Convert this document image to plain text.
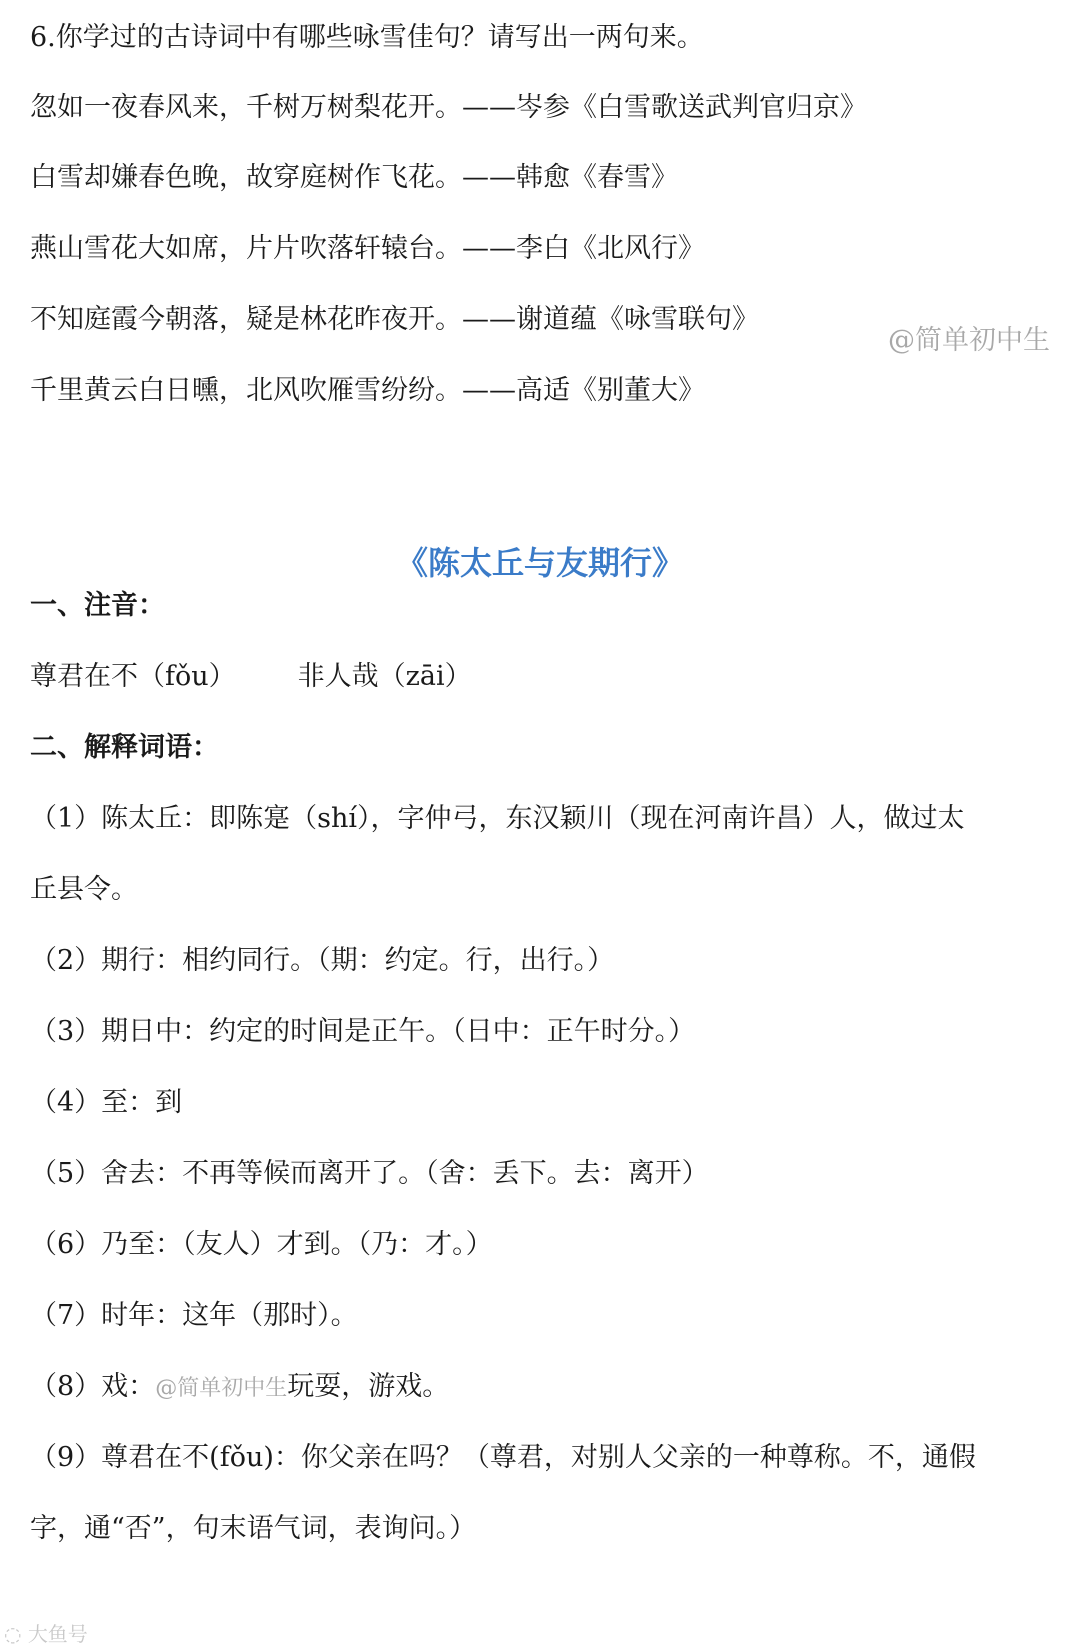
6.你学过的古诗词中有哪些咏雪佳句？请写出一两句来。
忽如一夜春风来，千树万树梨花开。——岑参《白雪歌送武判官归京》
白雪却嫌春色晚，故穿庭树作飞花。——韩愈《春雪》
燕山雪花大如席，片片吹落轩辕台。——李白《北风行》
不知庭霞今朝落，疑是林花昨夜开。——谢道蕴《咏雪联句》
@简单初中生
千里黄云白日曛，北风吹雁雪纷纷。——高适《别董大》
《陈太丘与友期行》
一、注音：
尊君在不（fǒu） 非人哉（zāi）
二、解释词语：
（1）陈太丘：即陈寔（shí），字仲弓，东汉颖川（现在河南许昌）人，做过太
丘县令。
（2）期行：相约同行。（期：约定。行，出行。）
（3）期日中：约定的时间是正午。（日中：正午时分。）
（4）至：到
（5）舍去：不再等候而离开了。（舍：丢下。去：离开）
（6）乃至：（友人）才到。（乃：才。）
（7）时年：这年（那时）。
（8）戏：@简单初中生玩耍，游戏。
（9）尊君在不(fǒu)：你父亲在吗？（尊君，对别人父亲的一种尊称。不，通假
字，通“否”，句末语气词，表询问。）
◌ 大鱼号
